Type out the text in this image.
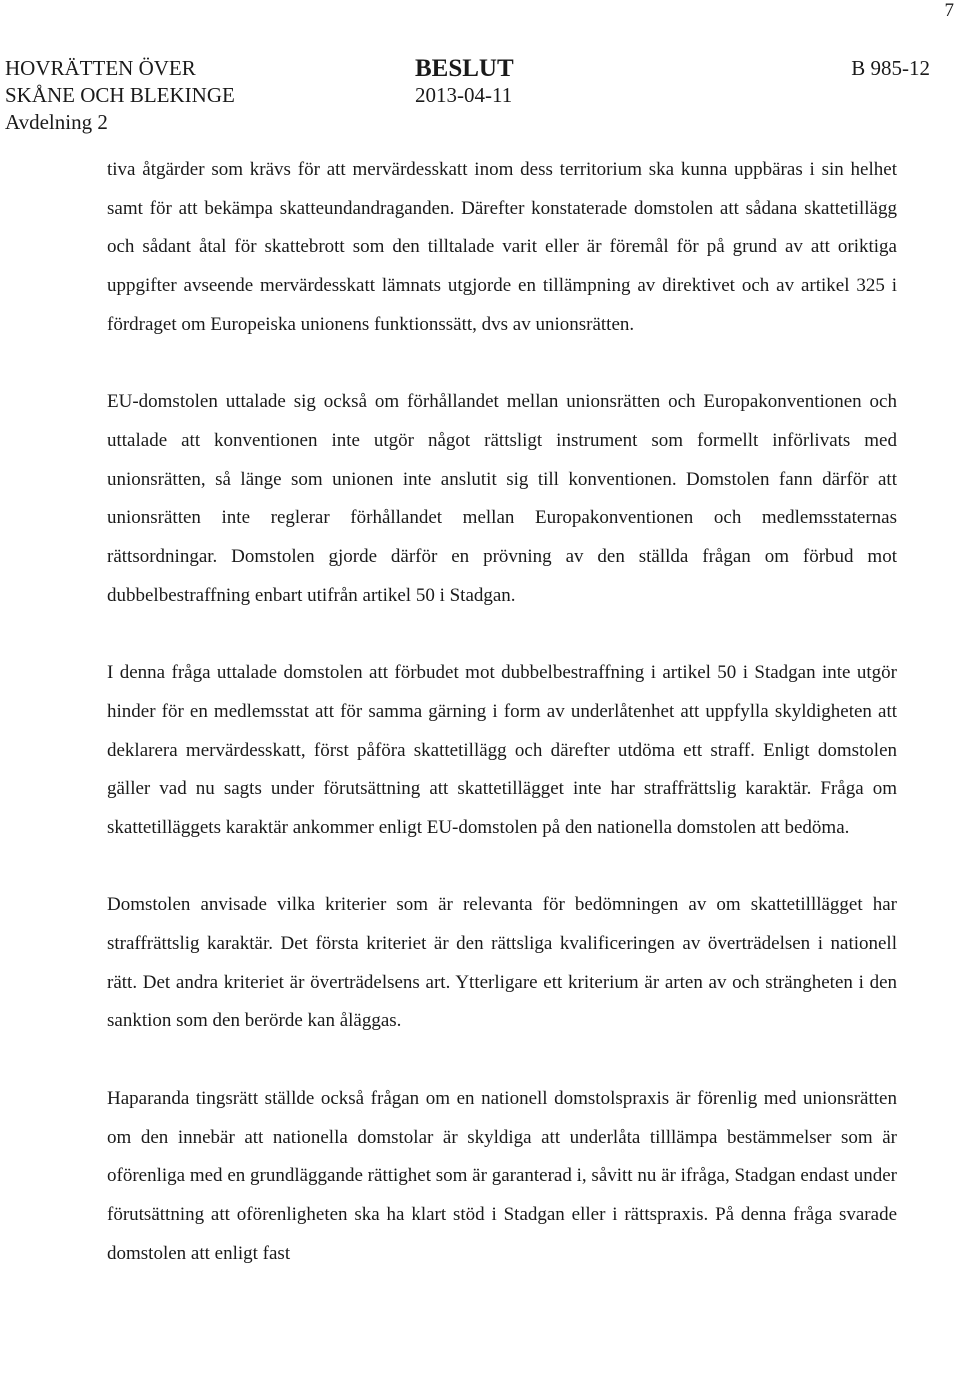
7
HOVRÄTTEN ÖVER
SKÅNE OCH BLEKINGE
Avdelning 2
BESLUT
2013-04-11
B 985-12

tiva åtgärder som krävs för att mervärdesskatt inom dess territorium ska kunna uppbäras i sin helhet samt för att bekämpa skatteundandraganden. Därefter konstaterade domstolen att sådana skattetillägg och sådant åtal för skattebrott som den tilltalade varit eller är föremål för på grund av att oriktiga uppgifter avseende mervärdesskatt lämnats utgjorde en tillämpning av direktivet och av artikel 325 i fördraget om Europeiska unionens funktionssätt, dvs av unionsrätten.

EU-domstolen uttalade sig också om förhållandet mellan unionsrätten och Europakonventionen och uttalade att konventionen inte utgör något rättsligt instrument som formellt införlivats med unionsrätten, så länge som unionen inte anslutit sig till konventionen. Domstolen fann därför att unionsrätten inte reglerar förhållandet mellan Europakonventionen och medlemsstaternas rättsordningar. Domstolen gjorde därför en prövning av den ställda frågan om förbud mot dubbelbestraffning enbart utifrån artikel 50 i Stadgan.

I denna fråga uttalade domstolen att förbudet mot dubbelbestraffning i artikel 50 i Stadgan inte utgör hinder för en medlemsstat att för samma gärning i form av underlåtenhet att uppfylla skyldigheten att deklarera mervärdesskatt, först påföra skattetillägg och därefter utdöma ett straff. Enligt domstolen gäller vad nu sagts under förutsättning att skattetillägget inte har straffrättslig karaktär. Fråga om skattetilläggets karaktär ankommer enligt EU-domstolen på den nationella domstolen att bedöma.

Domstolen anvisade vilka kriterier som är relevanta för bedömningen av om skattetilllägget har straffrättslig karaktär. Det första kriteriet är den rättsliga kvalificeringen av överträdelsen i nationell rätt. Det andra kriteriet är överträdelsens art. Ytterligare ett kriterium är arten av och strängheten i den sanktion som den berörde kan åläggas.

Haparanda tingsrätt ställde också frågan om en nationell domstolspraxis är förenlig med unionsrätten om den innebär att nationella domstolar är skyldiga att underlåta tilllämpa bestämmelser som är oförenliga med en grundläggande rättighet som är garanterad i, såvitt nu är ifråga, Stadgan endast under förutsättning att oförenligheten ska ha klart stöd i Stadgan eller i rättspraxis. På denna fråga svarade domstolen att enligt fast
